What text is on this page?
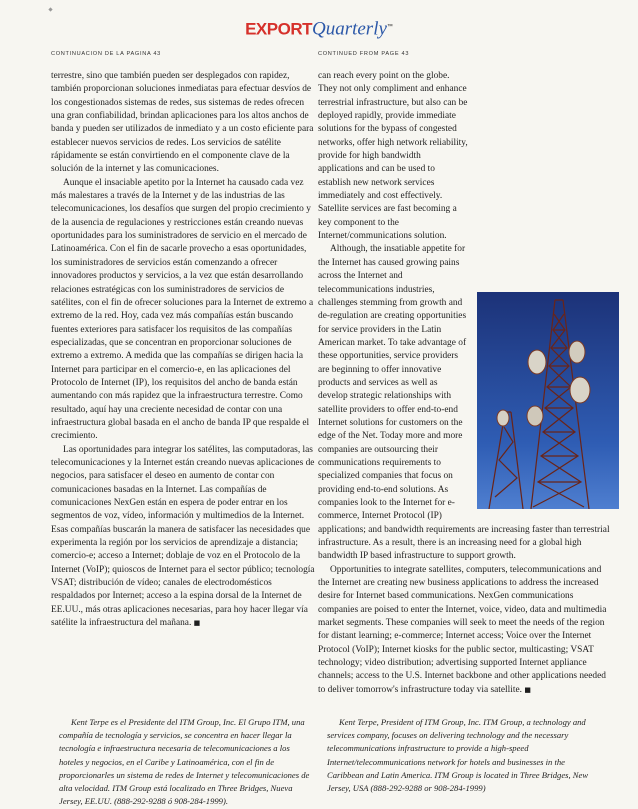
EXPORTQuarterly™
CONTINUACION DE LA PAGINA 43	CONTINUED FROM PAGE 43

terrestre, sino que también pueden ser desplegados con rapidez, también proporcionan soluciones inmediatas para efectuar desvíos de los congestionados sistemas de redes, sus sistemas de redes ofrecen una gran confiabilidad, brindan aplicaciones para los altos anchos de banda y pueden ser utilizados de inmediato y a un costo eficiente para establecer nuevos servicios de redes. Los servicios de satélite rápidamente se están convirtiendo en el componente clave de la solución de la internet y las comunicaciones.

Aunque el insaciable apetito por la Internet ha causado cada vez más malestares a través de la Internet y de las industrias de las telecomunicaciones, los desafíos que surgen del propio crecimiento y de la ausencia de regulaciones y restricciones están creando nuevas oportunidades para los suministradores de servicio en el mercado de Latinoamérica. Con el fin de sacarle provecho a esas oportunidades, los suministradores de servicios están comenzando a ofrecer innovadores productos y servicios, a la vez que están desarrollando relaciones estratégicas con los suministradores de servicios de satélites, con el fin de ofrecer soluciones para la Internet de extremo a extremo de la red. Hoy, cada vez más compañías están buscando fuentes exteriores para satisfacer los requisitos de las compañías especializadas, que se concentran en proporcionar soluciones de extremo a extremo. A medida que las compañías se dirigen hacia la Internet para participar en el comercio-e, en las aplicaciones del Protocolo de Internet (IP), los requisitos del ancho de banda están aumentando con más rapidez que la infraestructura terrestre. Como resultado, aquí hay una creciente necesidad de contar con una infraestructura global basada en el ancho de banda IP que respalde el crecimiento.

Las oportunidades para integrar los satélites, las computadoras, las telecomunicaciones y la Internet están creando nuevas aplicaciones de negocios, para satisfacer el deseo en aumento de contar con comunicaciones basadas en la Internet. Las compañías de comunicaciones NexGen están en espera de poder entrar en los segmentos de voz, vídeo, información y multimedios de la Internet. Esas compañías buscarán la manera de satisfacer las necesidades que experimenta la región por los servicios de aprendizaje a distancia; comercio-e; acceso a Internet; doblaje de voz en el Protocolo de la Internet (VoIP); quioscos de Internet para el sector público; tecnología VSAT; distribución de vídeo; canales de electrodomésticos respaldados por Internet; acceso a la espina dorsal de la Internet de EE.UU., más otras aplicaciones necesarias, para hoy hacer llegar vía satélite la infraestructura del mañana. ■

can reach every point on the globe. They not only compliment and enhance terrestrial infrastructure, but also can be deployed rapidly, provide immediate solutions for the bypass of congested networks, offer high network reliability, provide for high bandwidth applications and can be used to establish new network services immediately and cost effectively. Satellite services are fast becoming a key component to the Internet/communications solution.

Although, the insatiable appetite for the Internet has caused growing pains across the Internet and telecommunications industries, challenges stemming from growth and de-regulation are creating opportunities for service providers in the Latin American market. To take advantage of these opportunities, service providers are beginning to offer innovative products and services as well as develop strategic relationships with satellite providers to offer end-to-end Internet solutions for customers on the edge of the Net. Today more and more companies are outsourcing their communications requirements to specialized companies that focus on providing end-to-end solutions. As companies look to the Internet for e-commerce, Internet Protocol (IP) applications; and bandwidth requirements are increasing faster than terrestrial infrastructure. As a result, there is an increasing need for a global high bandwidth IP based infrastructure to support growth.

Opportunities to integrate satellites, computers, telecommunications and the Internet are creating new business applications to address the increased desire for Internet based communications. NexGen communications companies are poised to enter the Internet, voice, video, data and multimedia market segments. These companies will seek to meet the needs of the region for distant learning; e-commerce; Internet access; Voice over the Internet Protocol (VoIP); Internet kiosks for the public sector, multicasting; VSAT technology; video distribution; advertising supported Internet appliance channels; access to the U.S. Internet backbone and other applications needed to deliver tomorrow's infrastructure today via satellite. ■

Kent Terpe es el Presidente del ITM Group, Inc. El Grupo ITM, una compañía de tecnología y servicios, se concentra en hacer llegar la tecnología e infraestructura necesaria de telecomunicaciones a los hoteles y negocios, en el Caribe y Latinoamérica, con el fin de proporcionarles un sistema de redes de Internet y telecomunicaciones de alta velocidad. ITM Group está localizado en Three Bridges, Nueva Jersey, EE.UU. (888-292-9288 ó 908-284-1999).

Kent Terpe, President of ITM Group, Inc. ITM Group, a technology and services company, focuses on delivering technology and the necessary telecommunications infrastructure to provide a high-speed Internet/telecommunications network for hotels and businesses in the Caribbean and Latin America. ITM Group is located in Three Bridges, New Jersey, USA (888-292-9288 or 908-284-1999)
